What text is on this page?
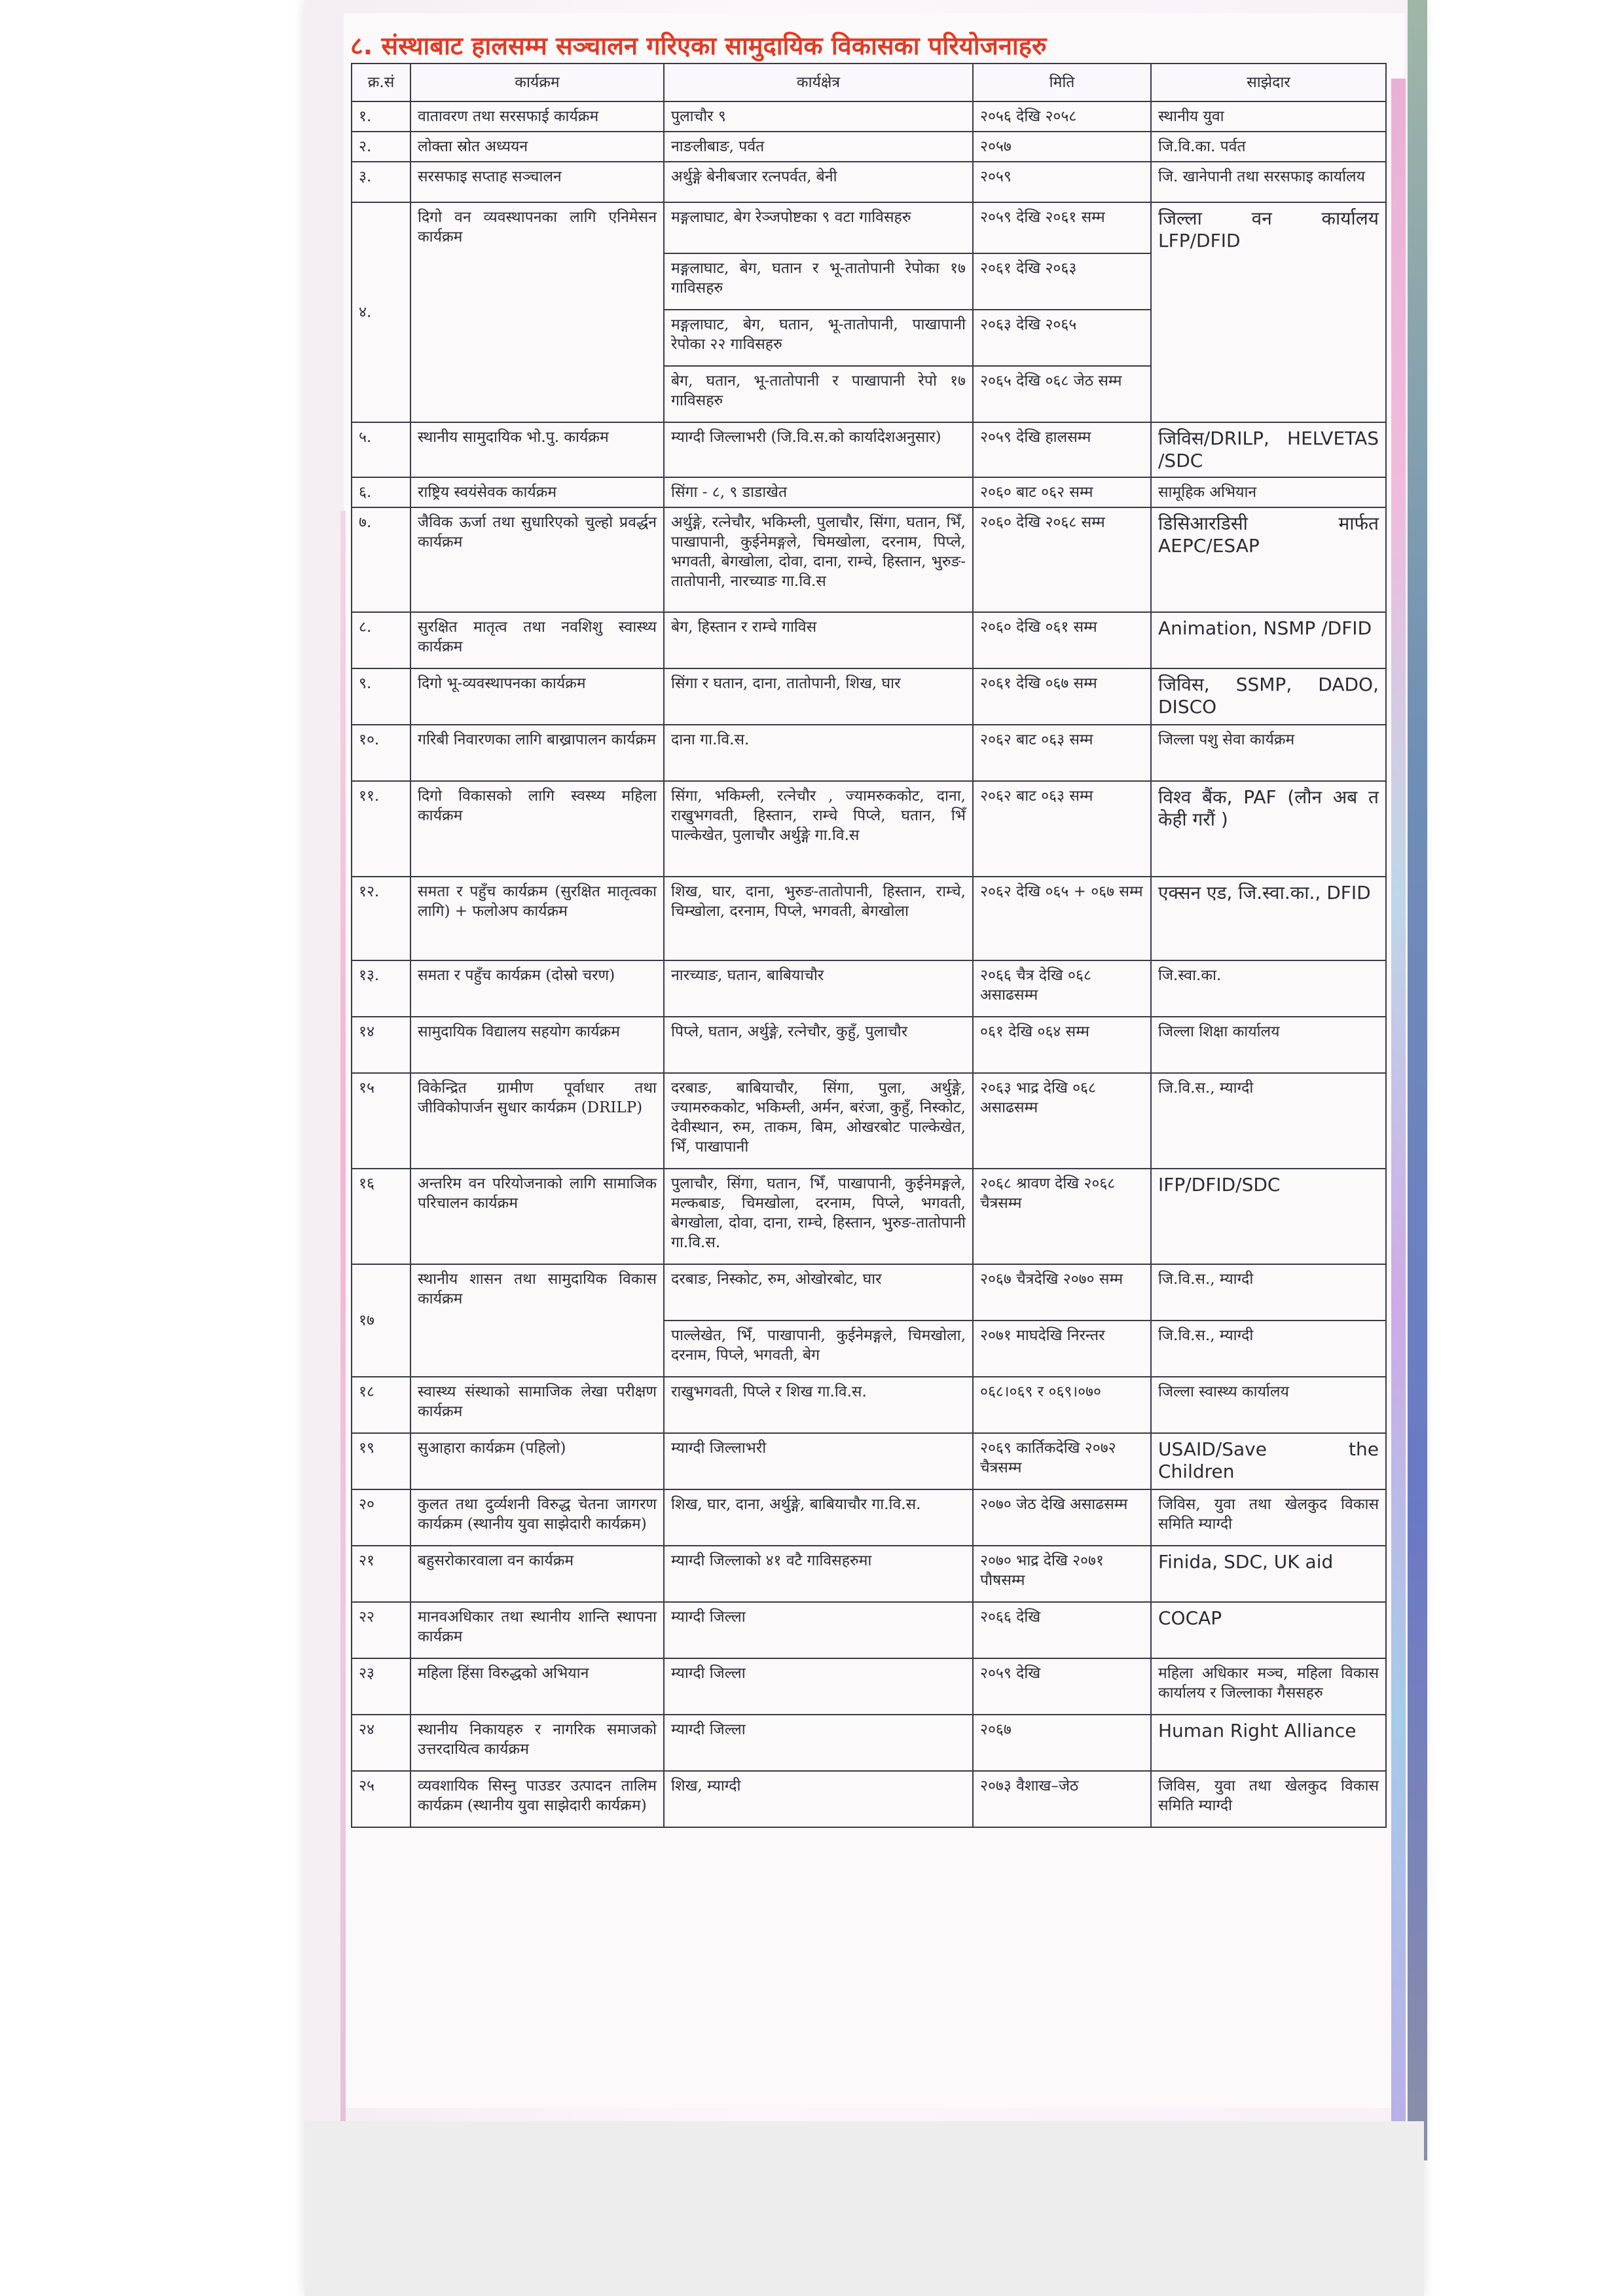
८. संस्थाबाट हालसम्म सञ्चालन गरिएका सामुदायिक विकासका परियोजनाहरु
क्र.सं	कार्यक्रम	कार्यक्षेत्र	मिति	साझेदार
१.	वातावरण तथा सरसफाई कार्यक्रम	पुलाचौर ९	२०५६ देखि २०५८	स्थानीय युवा
२.	लोक्ता स्रोत अध्ययन	नाङलीबाङ, पर्वत	२०५७	जि.वि.का. पर्वत
३.	सरसफाइ सप्ताह सञ्चालन	अर्थुङ्गे बेनीबजार रत्नपर्वत, बेनी	२०५९	जि. खानेपानी तथा सरसफाइ कार्यालय
४.	दिगो वन व्यवस्थापनका लागि एनिमेसन कार्यक्रम	मङ्गलाघाट, बेग रेञ्जपोष्टका ९ वटा गाविसहरु	२०५९ देखि २०६१ सम्म	जिल्ला वन कार्यालय LFP/DFID
		मङ्गलाघाट, बेग, घतान र भू-तातोपानी रेपोका १७ गाविसहरु	२०६१ देखि २०६३	
		मङ्गलाघाट, बेग, घतान, भू-तातोपानी, पाखापानी रेपोका २२ गाविसहरु	२०६३ देखि २०६५	
		बेग, घतान, भू-तातोपानी र पाखापानी रेपो १७ गाविसहरु	२०६५ देखि ०६८ जेठ सम्म	
५.	स्थानीय सामुदायिक भो.पु. कार्यक्रम	म्याग्दी जिल्लाभरी (जि.वि.स.को कार्यादेशअनुसार)	२०५९ देखि हालसम्म	जिविस/DRILP, HELVETAS /SDC
६.	राष्ट्रिय स्वयंसेवक कार्यक्रम	सिंगा - ८, ९ डाडाखेत	२०६० बाट ०६२ सम्म	सामूहिक अभियान
७.	जैविक ऊर्जा तथा सुधारिएको चुल्हो प्रवर्द्धन कार्यक्रम	अर्थुङ्गे, रत्नेचौर, भकिम्ली, पुलाचौर, सिंगा, घतान, भिँ, पाखापानी, कुईनेमङ्गले, चिमखोला, दरनाम, पिप्ले, भगवती, बेगखोला, दोवा, दाना, राम्चे, हिस्तान, भुरुङ-तातोपानी, नारच्याङ गा.वि.स	२०६० देखि २०६८ सम्म	डिसिआरडिसी मार्फत AEPC/ESAP
८.	सुरक्षित मातृत्व तथा नवशिशु स्वास्थ्य कार्यक्रम	बेग, हिस्तान र राम्चे गाविस	२०६० देखि ०६१ सम्म	Animation, NSMP /DFID
९.	दिगो भू-व्यवस्थापनका कार्यक्रम	सिंगा र घतान, दाना, तातोपानी, शिख, घार	२०६१ देखि ०६७ सम्म	जिविस, SSMP, DADO, DISCO
१०.	गरिबी निवारणका लागि बाख्रापालन कार्यक्रम	दाना गा.वि.स.	२०६२ बाट ०६३ सम्म	जिल्ला पशु सेवा कार्यक्रम
११.	दिगो विकासको लागि स्वस्थ्य महिला कार्यक्रम	सिंगा, भकिम्ली, रत्नेचौर , ज्यामरुककोट, दाना, राखुभगवती, हिस्तान, राम्चे पिप्ले, घतान, भिँ पाल्केखेत, पुलाचौर अर्थुङ्गे गा.वि.स	२०६२ बाट ०६३ सम्म	विश्व बैंक, PAF (लौन अब त केही गरौं )
१२.	समता र पहुँच कार्यक्रम (सुरक्षित मातृत्वका लागि) + फलोअप कार्यक्रम	शिख, घार, दाना, भुरुङ-तातोपानी, हिस्तान, राम्चे, चिम्खोला, दरनाम, पिप्ले, भगवती, बेगखोला	२०६२ देखि ०६५ + ०६७ सम्म	एक्सन एड, जि.स्वा.का., DFID
१३.	समता र पहुँच कार्यक्रम (दोस्रो चरण)	नारच्याङ, घतान, बाबियाचौर	२०६६ चैत्र देखि ०६८ असाढसम्म	जि.स्वा.का.
१४	सामुदायिक विद्यालय सहयोग कार्यक्रम	पिप्ले, घतान, अर्थुङ्गे, रत्नेचौर, कुहुँ, पुलाचौर	०६१ देखि ०६४ सम्म	जिल्ला शिक्षा कार्यालय
१५	विकेन्द्रित ग्रामीण पूर्वाधार तथा जीविकोपार्जन सुधार कार्यक्रम (DRILP)	दरबाङ, बाबियाचौर, सिंगा, पुला, अर्थुङ्गे, ज्यामरुककोट, भकिम्ली, अर्मन, बरंजा, कुहुँ, निस्कोट, देवीस्थान, रुम, ताकम, बिम, ओखरबोट पाल्केखेत, भिँ, पाखापानी	२०६३ भाद्र देखि ०६८ असाढसम्म	जि.वि.स., म्याग्दी
१६	अन्तरिम वन परियोजनाको लागि सामाजिक परिचालन कार्यक्रम	पुलाचौर, सिंगा, घतान, भिँ, पाखापानी, कुईनेमङ्गले, मल्कबाङ, चिमखोला, दरनाम, पिप्ले, भगवती, बेगखोला, दोवा, दाना, राम्चे, हिस्तान, भुरुङ-तातोपानी गा.वि.स.	२०६८ श्रावण देखि २०६८ चैत्रसम्म	IFP/DFID/SDC
१७	स्थानीय शासन तथा सामुदायिक विकास कार्यक्रम	दरबाङ, निस्कोट, रुम, ओखोरबोट, घार	२०६७ चैत्रदेखि २०७० सम्म	जि.वि.स., म्याग्दी
		पाल्लेखेत, भिँ, पाखापानी, कुईनेमङ्गले, चिमखोला, दरनाम, पिप्ले, भगवती, बेग	२०७१ माघदेखि निरन्तर	जि.वि.स., म्याग्दी
१८	स्वास्थ्य संस्थाको सामाजिक लेखा परीक्षण कार्यक्रम	राखुभगवती, पिप्ले र शिख गा.वि.स.	०६८।०६९ र ०६९।०७०	जिल्ला स्वास्थ्य कार्यालय
१९	सुआहारा कार्यक्रम (पहिलो)	म्याग्दी जिल्लाभरी	२०६९ कार्तिकदेखि २०७२ चैत्रसम्म	USAID/Save the Children
२०	कुलत तथा दुर्व्यशनी विरुद्ध चेतना जागरण कार्यक्रम (स्थानीय युवा साझेदारी कार्यक्रम)	शिख, घार, दाना, अर्थुङ्गे, बाबियाचौर गा.वि.स.	२०७० जेठ देखि असाढसम्म	जिविस, युवा तथा खेलकुद विकास समिति म्याग्दी
२१	बहुसरोकारवाला वन कार्यक्रम	म्याग्दी जिल्लाको ४१ वटै गाविसहरुमा	२०७० भाद्र देखि २०७१ पौषसम्म	Finida, SDC, UK aid
२२	मानवअधिकार तथा स्थानीय शान्ति स्थापना कार्यक्रम	म्याग्दी जिल्ला	२०६६ देखि	COCAP
२३	महिला हिंसा विरुद्धको अभियान	म्याग्दी जिल्ला	२०५९ देखि	महिला अधिकार मञ्च, महिला विकास कार्यालय र जिल्लाका गैससहरु
२४	स्थानीय निकायहरु र नागरिक समाजको उत्तरदायित्व कार्यक्रम	म्याग्दी जिल्ला	२०६७	Human Right Alliance
२५	व्यवशायिक सिस्नु पाउडर उत्पादन तालिम कार्यक्रम (स्थानीय युवा साझेदारी कार्यक्रम)	शिख, म्याग्दी	२०७३ वैशाख–जेठ	जिविस, युवा तथा खेलकुद विकास समिति म्याग्दी
